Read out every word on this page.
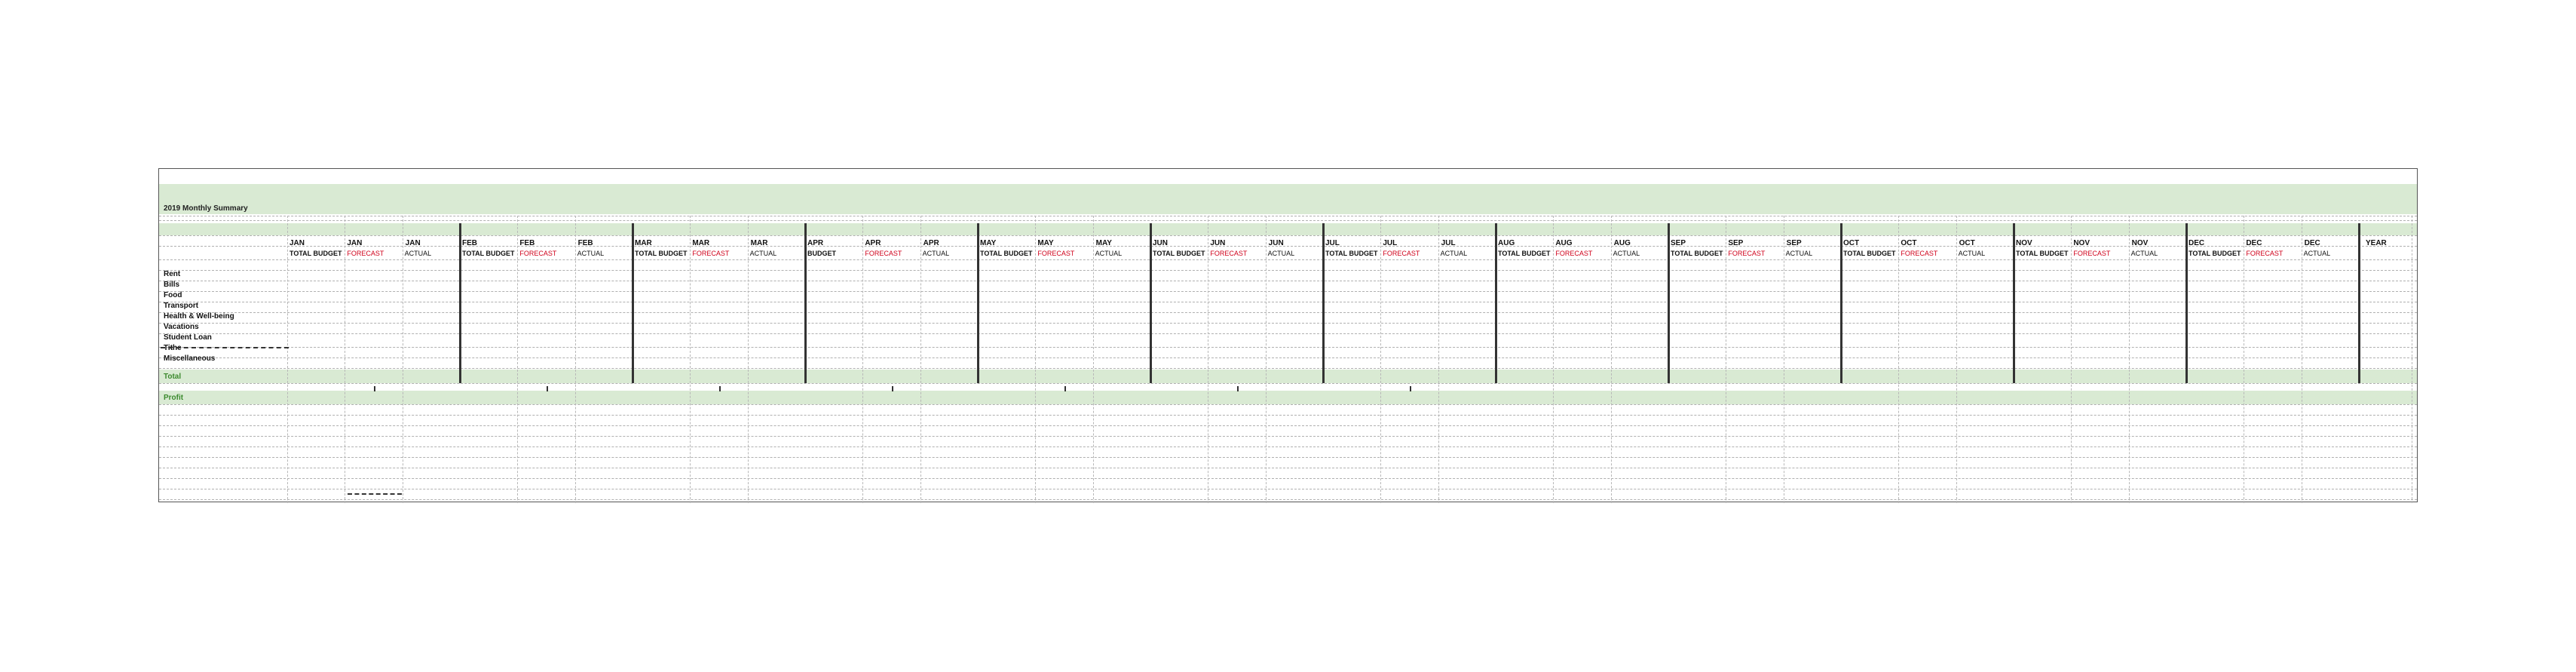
2019 Monthly Summary
JAN
TOTAL BUDGET
JAN
FORECAST
JAN
ACTUAL
FEB
TOTAL BUDGET
FEB
FORECAST
FEB
ACTUAL
MAR
TOTAL BUDGET
MAR
FORECAST
MAR
ACTUAL
APR
BUDGET
APR
FORECAST
APR
ACTUAL
MAY
TOTAL BUDGET
MAY
FORECAST
MAY
ACTUAL
JUN
TOTAL BUDGET
JUN
FORECAST
JUN
ACTUAL
JUL
TOTAL BUDGET
JUL
FORECAST
JUL
ACTUAL
AUG
TOTAL BUDGET
AUG
FORECAST
AUG
ACTUAL
SEP
TOTAL BUDGET
SEP
FORECAST
SEP
ACTUAL
OCT
TOTAL BUDGET
OCT
FORECAST
OCT
ACTUAL
NOV
TOTAL BUDGET
NOV
FORECAST
NOV
ACTUAL
DEC
TOTAL BUDGET
DEC
FORECAST
DEC
ACTUAL
YEAR
Rent
Bills
Food
Transport
Health & Well-being
Vacations
Student Loan
Tithe
Miscellaneous
Total
Profit
